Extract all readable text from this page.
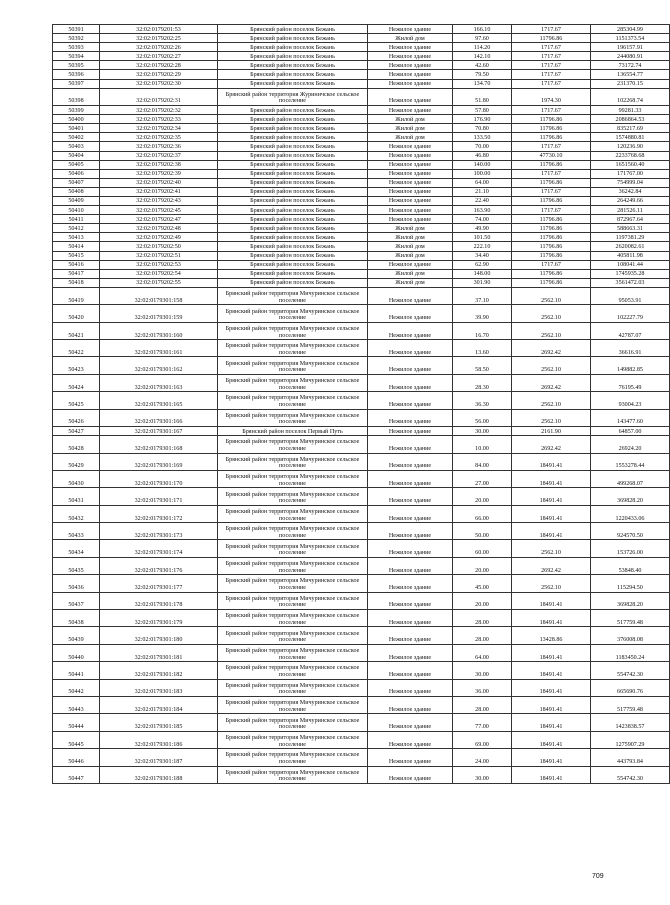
50391	32:02:0179201:53	Брянский район поселок Бежань	Нежилое здание	166.10	1717.67	285304.99
50392	32:02:0179202:25	Брянский район поселок Бежань	Жилой дом	97.60	11796.86	1151373.54
50393	32:02:0179202:26	Брянский район поселок Бежань	Нежилое здание	114.20	1717.67	196157.91
50394	32:02:0179202:27	Брянский район поселок Бежань	Нежилое здание	142.10	1717.67	244080.91
50395	32:02:0179202:28	Брянский район поселок Бежань	Нежилое здание	42.60	1717.67	73172.74
50396	32:02:0179202:29	Брянский район поселок Бежань	Нежилое здание	79.50	1717.67	136554.77
50397	32:02:0179202:30	Брянский район поселок Бежань	Нежилое здание	134.70	1717.67	231370.15
50398	32:02:0179202:31	Брянский район территория Журиничское сельское поселение	Нежилое здание	51.80	1974.30	102268.74
50399	32:02:0179202:32	Брянский район поселок Бежань	Нежилое здание	57.80	1717.67	99281.33
50400	32:02:0179202:33	Брянский район поселок Бежань	Жилой дом	176.90	11796.86	2086864.53
50401	32:02:0179202:34	Брянский район поселок Бежань	Жилой дом	70.80	11796.86	835217.69
50402	32:02:0179202:35	Брянский район поселок Бежань	Жилой дом	133.50	11796.86	1574880.81
50403	32:02:0179202:36	Брянский район поселок Бежань	Нежилое здание	70.00	1717.67	120236.90
50404	32:02:0179202:37	Брянский район поселок Бежань	Нежилое здание	46.80	47730.10	2233768.68
50405	32:02:0179202:38	Брянский район поселок Бежань	Нежилое здание	140.00	11796.86	1651560.40
50406	32:02:0179202:39	Брянский район поселок Бежань	Нежилое здание	100.00	1717.67	171767.00
50407	32:02:0179202:40	Брянский район поселок Бежань	Нежилое здание	64.00	11796.86	754999.04
50408	32:02:0179202:41	Брянский район поселок Бежань	Нежилое здание	21.10	1717.67	36242.84
50409	32:02:0179202:43	Брянский район поселок Бежань	Нежилое здание	22.40	11796.86	264249.66
50410	32:02:0179202:45	Брянский район поселок Бежань	Нежилое здание	163.90	1717.67	281526.11
50411	32:02:0179202:47	Брянский район поселок Бежань	Нежилое здание	74.00	11796.86	872967.64
50412	32:02:0179202:48	Брянский район поселок Бежань	Жилой дом	49.90	11796.86	588663.31
50413	32:02:0179202:49	Брянский район поселок Бежань	Жилой дом	101.50	11796.86	1197381.29
50414	32:02:0179202:50	Брянский район поселок Бежань	Жилой дом	222.10	11796.86	2620082.61
50415	32:02:0179202:51	Брянский район поселок Бежань	Жилой дом	34.40	11796.86	405811.98
50416	32:02:0179202:53	Брянский район поселок Бежань	Нежилое здание	62.90	1717.67	108041.44
50417	32:02:0179202:54	Брянский район поселок Бежань	Жилой дом	148.00	11796.86	1745935.28
50418	32:02:0179202:55	Брянский район поселок Бежань	Жилой дом	301.90	11796.86	3561472.03
50419	32:02:0179301:158	Брянский район территория Мичуринское сельское поселение	Нежилое здание	37.10	2562.10	95053.91
50420	32:02:0179301:159	Брянский район территория Мичуринское сельское поселение	Нежилое здание	39.90	2562.10	102227.79
50421	32:02:0179301:160	Брянский район территория Мичуринское сельское поселение	Нежилое здание	16.70	2562.10	42787.07
50422	32:02:0179301:161	Брянский район территория Мичуринское сельское поселение	Нежилое здание	13.60	2692.42	36616.91
50423	32:02:0179301:162	Брянский район территория Мичуринское сельское поселение	Нежилое здание	58.50	2562.10	149882.85
50424	32:02:0179301:163	Брянский район территория Мичуринское сельское поселение	Нежилое здание	28.30	2692.42	76195.49
50425	32:02:0179301:165	Брянский район территория Мичуринское сельское поселение	Нежилое здание	36.30	2562.10	93004.23
50426	32:02:0179301:166	Брянский район территория Мичуринское сельское поселение	Нежилое здание	56.00	2562.10	143477.60
50427	32:02:0179301:167	Брянский район поселок Первый Путь	Нежилое здание	30.00	2161.90	64857.00
50428	32:02:0179301:168	Брянский район территория Мичуринское сельское поселение	Нежилое здание	10.00	2692.42	26924.20
50429	32:02:0179301:169	Брянский район территория Мичуринское сельское поселение	Нежилое здание	84.00	18491.41	1553278.44
50430	32:02:0179301:170	Брянский район территория Мичуринское сельское поселение	Нежилое здание	27.00	18491.41	499268.07
50431	32:02:0179301:171	Брянский район территория Мичуринское сельское поселение	Нежилое здание	20.00	18491.41	369828.20
50432	32:02:0179301:172	Брянский район территория Мичуринское сельское поселение	Нежилое здание	66.00	18491.41	1220433.06
50433	32:02:0179301:173	Брянский район территория Мичуринское сельское поселение	Нежилое здание	50.00	18491.41	924570.50
50434	32:02:0179301:174	Брянский район территория Мичуринское сельское поселение	Нежилое здание	60.00	2562.10	153726.00
50435	32:02:0179301:176	Брянский район территория Мичуринское сельское поселение	Нежилое здание	20.00	2692.42	53848.40
50436	32:02:0179301:177	Брянский район территория Мичуринское сельское поселение	Нежилое здание	45.00	2562.10	115294.50
50437	32:02:0179301:178	Брянский район территория Мичуринское сельское поселение	Нежилое здание	20.00	18491.41	369828.20
50438	32:02:0179301:179	Брянский район территория Мичуринское сельское поселение	Нежилое здание	28.00	18491.41	517759.48
50439	32:02:0179301:180	Брянский район территория Мичуринское сельское поселение	Нежилое здание	28.00	13428.86	376008.08
50440	32:02:0179301:181	Брянский район территория Мичуринское сельское поселение	Нежилое здание	64.00	18491.41	1183450.24
50441	32:02:0179301:182	Брянский район территория Мичуринское сельское поселение	Нежилое здание	30.00	18491.41	554742.30
50442	32:02:0179301:183	Брянский район территория Мичуринское сельское поселение	Нежилое здание	36.00	18491.41	665690.76
50443	32:02:0179301:184	Брянский район территория Мичуринское сельское поселение	Нежилое здание	28.00	18491.41	517759.48
50444	32:02:0179301:185	Брянский район территория Мичуринское сельское поселение	Нежилое здание	77.00	18491.41	1423838.57
50445	32:02:0179301:186	Брянский район территория Мичуринское сельское поселение	Нежилое здание	69.00	18491.41	1275907.29
50446	32:02:0179301:187	Брянский район территория Мичуринское сельское поселение	Нежилое здание	24.00	18491.41	443793.84
50447	32:02:0179301:188	Брянский район территория Мичуринское сельское поселение	Нежилое здание	30.00	18491.41	554742.30
709
